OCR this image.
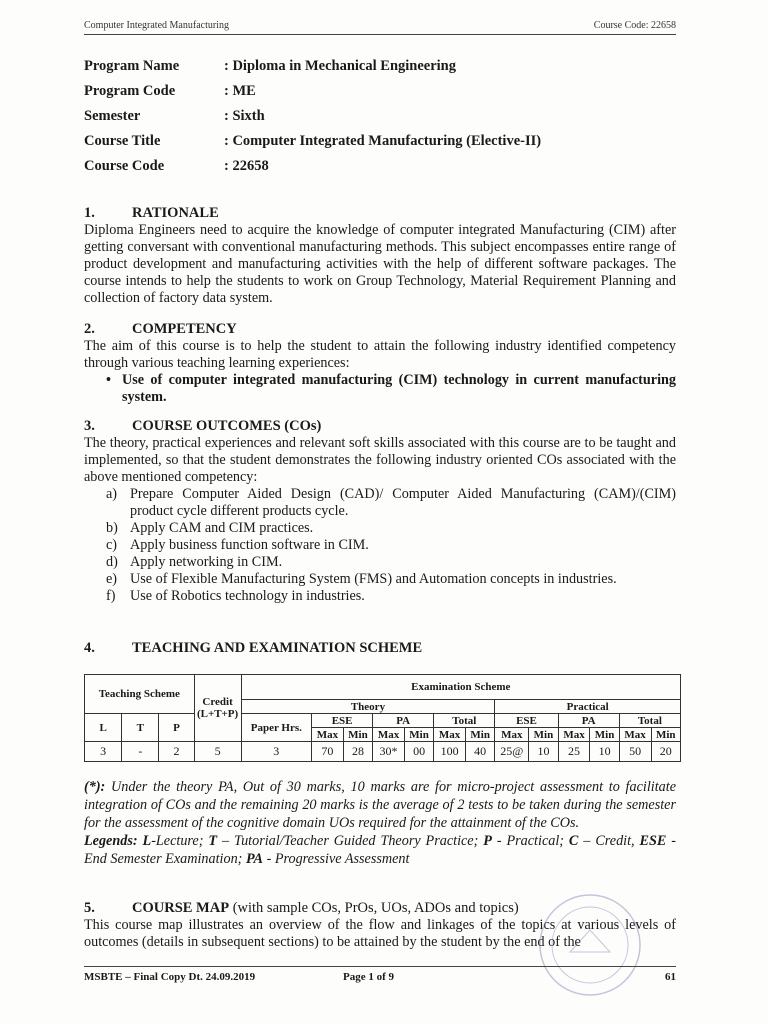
Computer Integrated Manufacturing	Course Code: 22658
Program Name	: Diploma in Mechanical Engineering
Program Code	: ME
Semester	: Sixth
Course Title	: Computer Integrated Manufacturing (Elective-II)
Course Code	: 22658
1.	RATIONALE

Diploma Engineers need to acquire the knowledge of computer integrated Manufacturing (CIM) after getting conversant with conventional manufacturing methods. This subject encompasses entire range of product development and manufacturing activities with the help of different software packages. The course intends to help the students to work on Group Technology, Material Requirement Planning and collection of factory data system.

2.	COMPETENCY

The aim of this course is to help the student to attain the following industry identified competency through various teaching learning experiences:

• Use of computer integrated manufacturing (CIM) technology in current manufacturing system.
3.	COURSE OUTCOMES (COs)

The theory, practical experiences and relevant soft skills associated with this course are to be taught and implemented, so that the student demonstrates the following industry oriented COs associated with the above mentioned competency:

a) Prepare Computer Aided Design (CAD)/ Computer Aided Manufacturing (CAM)/(CIM) product cycle different products cycle.
b) Apply CAM and CIM practices.
c) Apply business function software in CIM.
d) Apply networking in CIM.
e) Use of Flexible Manufacturing System (FMS) and Automation concepts in industries.
f)	Use of Robotics technology in industries.
4.	TEACHING AND EXAMINATION SCHEME
Teaching Scheme			Credit (L+T+P)	Examination Scheme												
				Theory							Practical					
L	T	P		Paper Hrs.	ESE		PA		Total		ESE		PA		Total	
					Max	Min	Max	Min	Max	Min	Max	Min	Max	Min	Max	Min
3	-	2	5	3	70	28	30*	00	100	40	25@	10	25	10	50	20

(*): Under the theory PA, Out of 30 marks, 10 marks are for micro-project assessment to facilitate integration of COs and the remaining 20 marks is the average of 2 tests to be taken during the semester for the assessment of the cognitive domain UOs required for the attainment of the COs.

Legends: L-Lecture; T – Tutorial/Teacher Guided Theory Practice; P - Practical; C – Credit, ESE - End Semester Examination; PA - Progressive Assessment

5.	COURSE MAP (with sample COs, PrOs, UOs, ADOs and topics)

This course map illustrates an overview of the flow and linkages of the topics at various levels of outcomes (details in subsequent sections) to be attained by the student by the end of the

MSBTE – Final Copy Dt. 24.09.2019	Page 1 of 9	61
